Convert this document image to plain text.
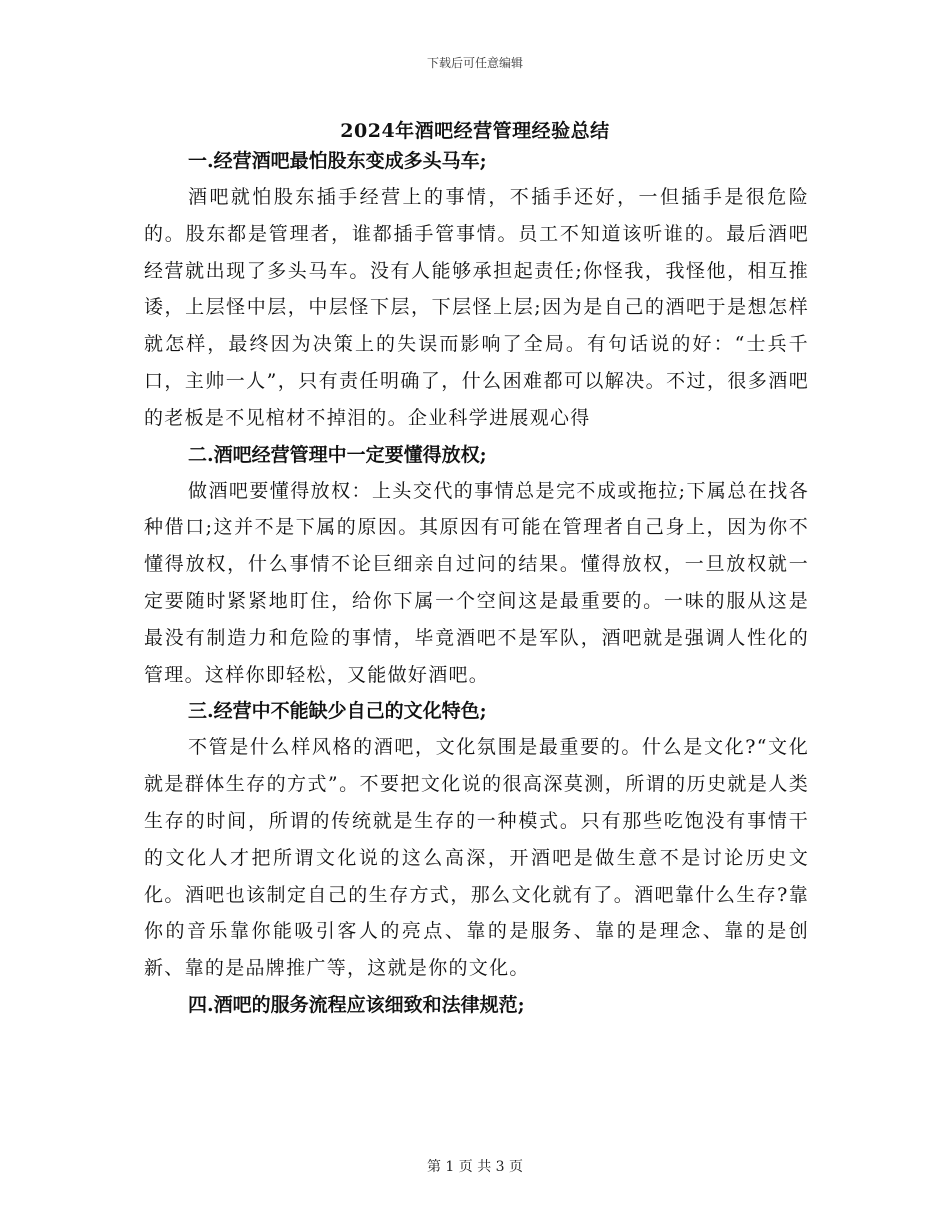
下载后可任意编辑
2024年酒吧经营管理经验总结

一.经营酒吧最怕股东变成多头马车;

酒吧就怕股东插手经营上的事情，不插手还好，一但插手是很危险的。股东都是管理者，谁都插手管事情。员工不知道该听谁的。最后酒吧经营就出现了多头马车。没有人能够承担起责任;你怪我，我怪他，相互推诿，上层怪中层，中层怪下层，下层怪上层;因为是自己的酒吧于是想怎样就怎样，最终因为决策上的失误而影响了全局。有句话说的好：“士兵千口，主帅一人”，只有责任明确了，什么困难都可以解决。不过，很多酒吧的老板是不见棺材不掉泪的。企业科学进展观心得

二.酒吧经营管理中一定要懂得放权;

做酒吧要懂得放权：上头交代的事情总是完不成或拖拉;下属总在找各种借口;这并不是下属的原因。其原因有可能在管理者自己身上，因为你不懂得放权，什么事情不论巨细亲自过问的结果。懂得放权，一旦放权就一定要随时紧紧地盯住，给你下属一个空间这是最重要的。一味的服从这是最没有制造力和危险的事情，毕竟酒吧不是军队，酒吧就是强调人性化的管理。这样你即轻松，又能做好酒吧。

三.经营中不能缺少自己的文化特色;

不管是什么样风格的酒吧，文化氛围是最重要的。什么是文化?“文化就是群体生存的方式”。不要把文化说的很高深莫测，所谓的历史就是人类生存的时间，所谓的传统就是生存的一种模式。只有那些吃饱没有事情干的文化人才把所谓文化说的这么高深，开酒吧是做生意不是讨论历史文化。酒吧也该制定自己的生存方式，那么文化就有了。酒吧靠什么生存?靠你的音乐靠你能吸引客人的亮点、靠的是服务、靠的是理念、靠的是创新、靠的是品牌推广等，这就是你的文化。

四.酒吧的服务流程应该细致和法律规范;

第 1 页 共 3 页
